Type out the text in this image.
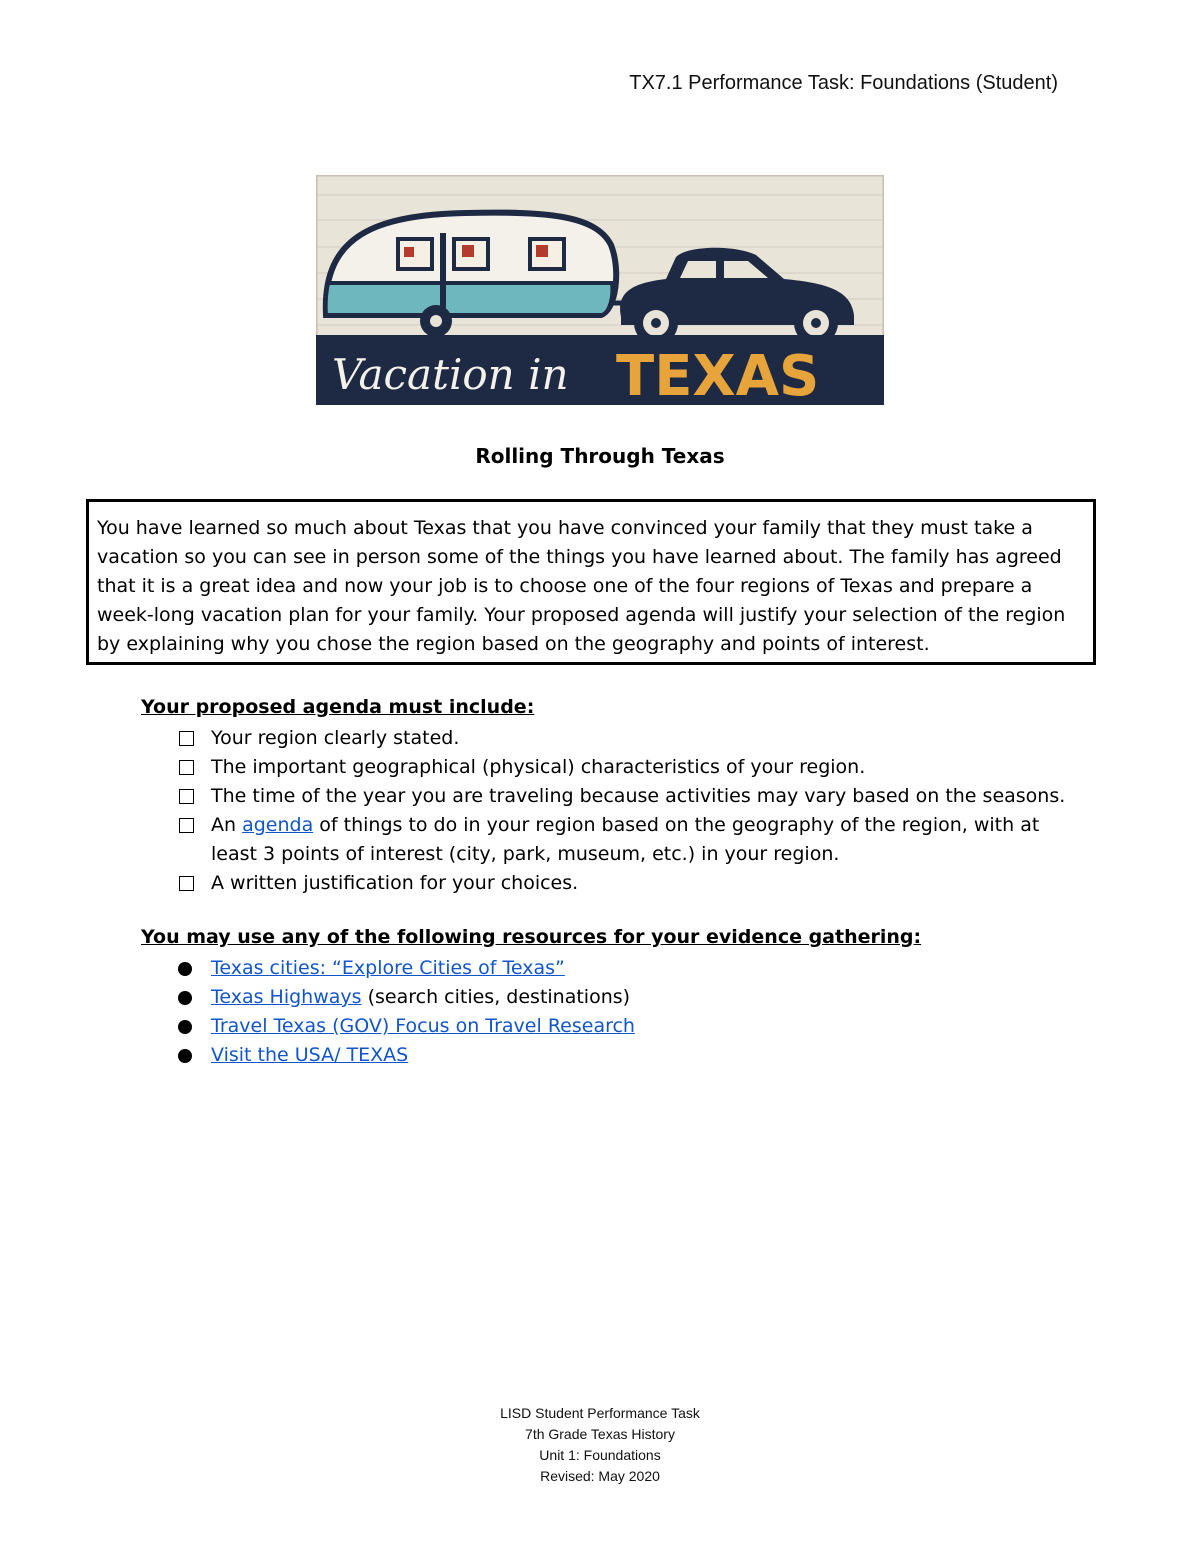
TX7.1 Performance Task: Foundations (Student)
Vacation in TEXAS
Rolling Through Texas
You have learned so much about Texas that you have convinced your family that they must take a vacation so you can see in person some of the things you have learned about. The family has agreed that it is a great idea and now your job is to choose one of the four regions of Texas and prepare a week-long vacation plan for your family. Your proposed agenda will justify your selection of the region by explaining why you chose the region based on the geography and points of interest.
Your proposed agenda must include:
Your region clearly stated.
The important geographical (physical) characteristics of your region.
The time of the year you are traveling because activities may vary based on the seasons.
An agenda of things to do in your region based on the geography of the region, with at least 3 points of interest (city, park, museum, etc.) in your region.
A written justification for your choices.
You may use any of the following resources for your evidence gathering:
Texas cities: “Explore Cities of Texas”
Texas Highways (search cities, destinations)
Travel Texas (GOV) Focus on Travel Research
Visit the USA/ TEXAS
LISD Student Performance Task
7th Grade Texas History
Unit 1: Foundations
Revised: May 2020
